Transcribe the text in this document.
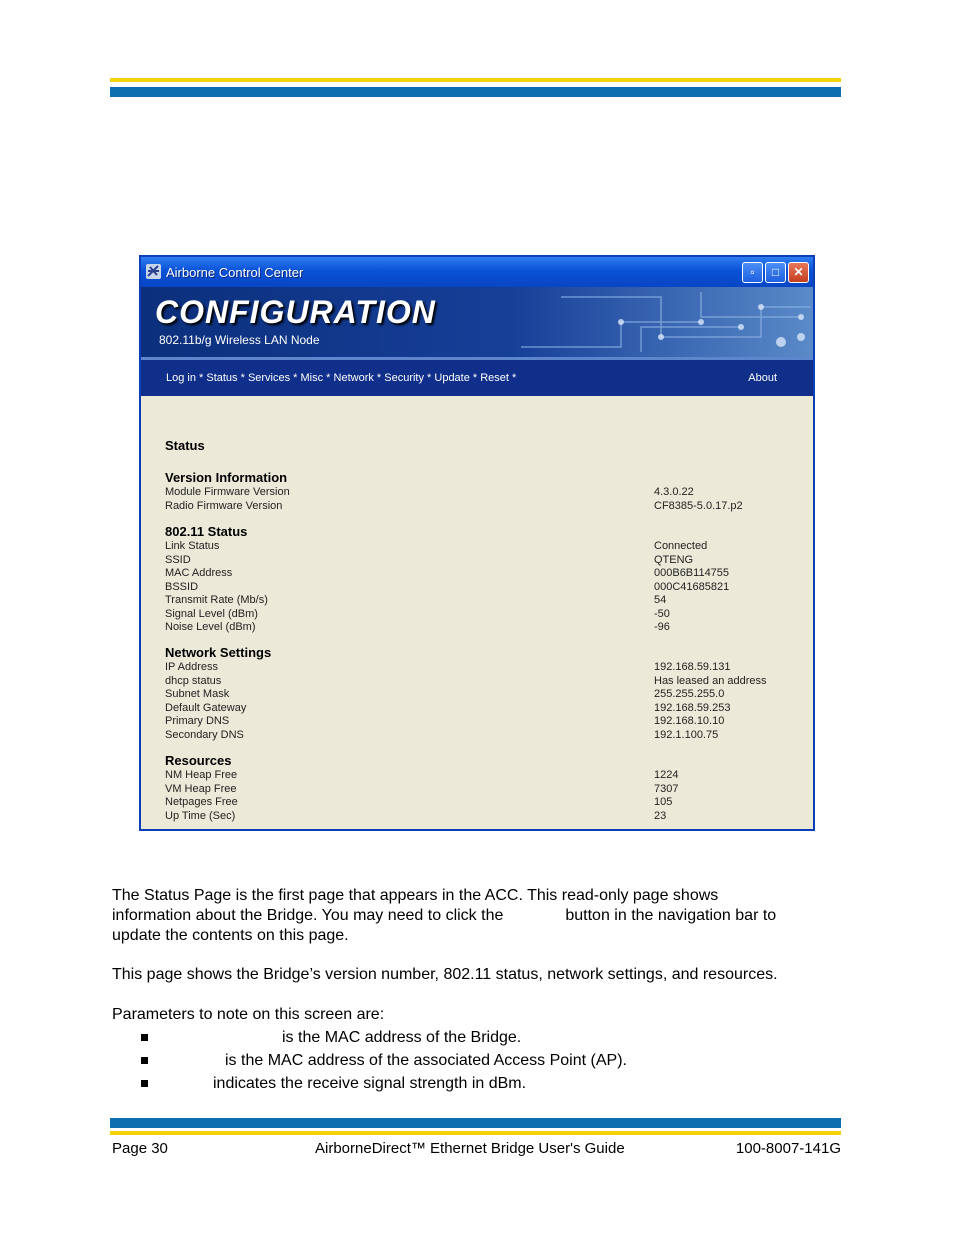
Airborne Control Center	▫	□	✕
CONFIGURATION
802.11b/g Wireless LAN Node
Log in * Status * Services * Misc * Network * Security * Update * Reset *	About
Status
Version Information
Module Firmware Version	4.3.0.22
Radio Firmware Version	CF8385-5.0.17.p2
802.11 Status
Link Status	Connected
SSID	QTENG
MAC Address	000B6B114755
BSSID	000C41685821
Transmit Rate (Mb/s)	54
Signal Level (dBm)	-50
Noise Level (dBm)	-96
Network Settings
IP Address	192.168.59.131
dhcp status	Has leased an address
Subnet Mask	255.255.255.0
Default Gateway	192.168.59.253
Primary DNS	192.168.10.10
Secondary DNS	192.1.100.75
Resources
NM Heap Free	1224
VM Heap Free	7307
Netpages Free	105
Up Time (Sec)	23
The Status Page is the first page that appears in the ACC. This read-only page shows
information about the Bridge. You may need to click the	button in the navigation bar to
update the contents on this page.
This page shows the Bridge’s version number, 802.11 status, network settings, and resources.
Parameters to note on this screen are:
is the MAC address of the Bridge.
is the MAC address of the associated Access Point (AP).
indicates the receive signal strength in dBm.
Page 30	AirborneDirect™ Ethernet Bridge User's Guide	100-8007-141G
